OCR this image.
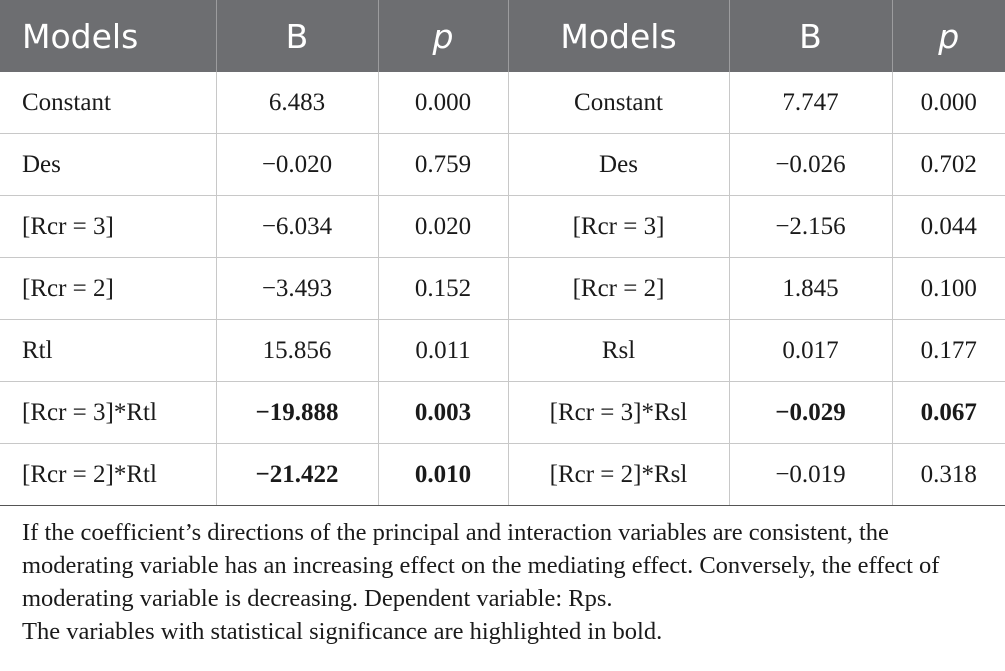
Models	B	p	Models	B	p
Constant	6.483	0.000	Constant	7.747	0.000
Des	−0.020	0.759	Des	−0.026	0.702
[Rcr = 3]	−6.034	0.020	[Rcr = 3]	−2.156	0.044
[Rcr = 2]	−3.493	0.152	[Rcr = 2]	1.845	0.100
Rtl	15.856	0.011	Rsl	0.017	0.177
[Rcr = 3]*Rtl	−19.888	0.003	[Rcr = 3]*Rsl	−0.029	0.067
[Rcr = 2]*Rtl	−21.422	0.010	[Rcr = 2]*Rsl	−0.019	0.318

If the coefficient’s directions of the principal and interaction variables are consistent, the moderating variable has an increasing effect on the mediating effect. Conversely, the effect of moderating variable is decreasing. Dependent variable: Rps.

The variables with statistical significance are highlighted in bold.
